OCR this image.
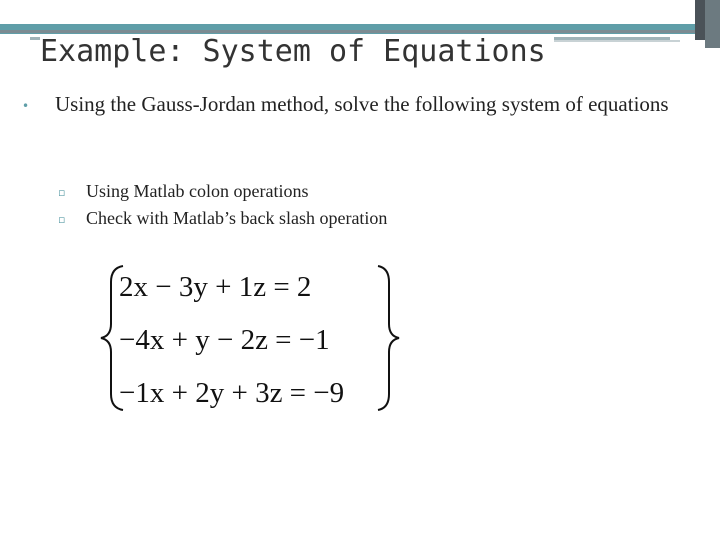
Example: System of Equations
• Using the Gauss-Jordan method, solve the following system of equations
▫ Using Matlab colon operations
▫ Check with Matlab’s back slash operation
2x − 3y + 1z = 2
−4x + y − 2z = −1
−1x + 2y + 3z = −9
